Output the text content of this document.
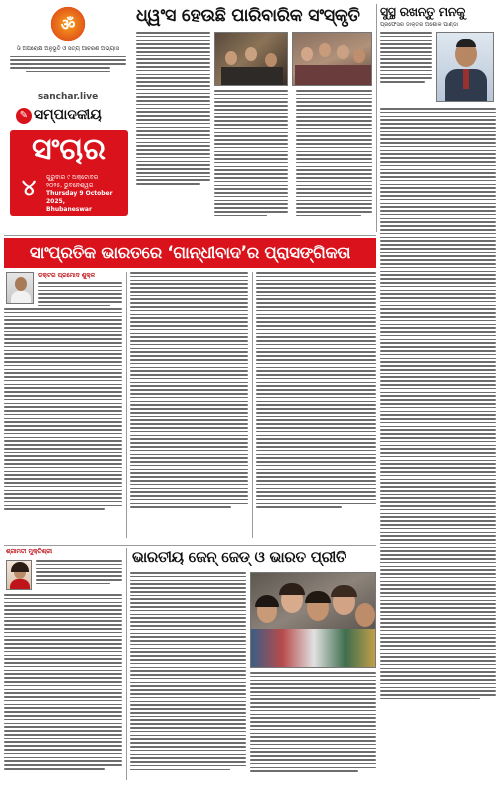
ॐ
ଓଁ ଅପରୋକ୍ଷ ଅନୁଭୂତି ଓ ସତ୍ୟ ଆଚରଣ ଅଭ୍ୟାସ
sanchar.live
✎ ସମ୍ପାଦକୀୟ
ସଂଚାର
୪	ଗୁରୁବାର ୯ ଅକ୍ଟୋବର
୨୦୨୫, ଭୁବନେଶ୍ୱର
Thursday 9 October 2025,
Bhubaneswar
ଧ୍ୱଂସ ହେଉଛି ପାରିବାରିକ ସଂସ୍କୃତି	ସୁସ୍ଥ ରଖନ୍ତୁ ମନକୁ
ପ୍ରଫେସର ଡାକ୍ତର ଅଶୋକ ପାଣ୍ଡା
ସାଂପ୍ରତିକ ଭାରତରେ ‘ଗାନ୍ଧୀବାଦ’ର ପ୍ରାସଙ୍ଗିକତା
ଡକ୍ଟର ପ୍ରମୋଦ ଶୁକ୍ଳ
ଶ୍ରୀମତୀ ମୁକ୍ତିଶ୍ରୀ	ଭାରତୀୟ ଜେନ୍ ଜେଡ୍ ଓ ଭାରତ ପ୍ରୀତି
